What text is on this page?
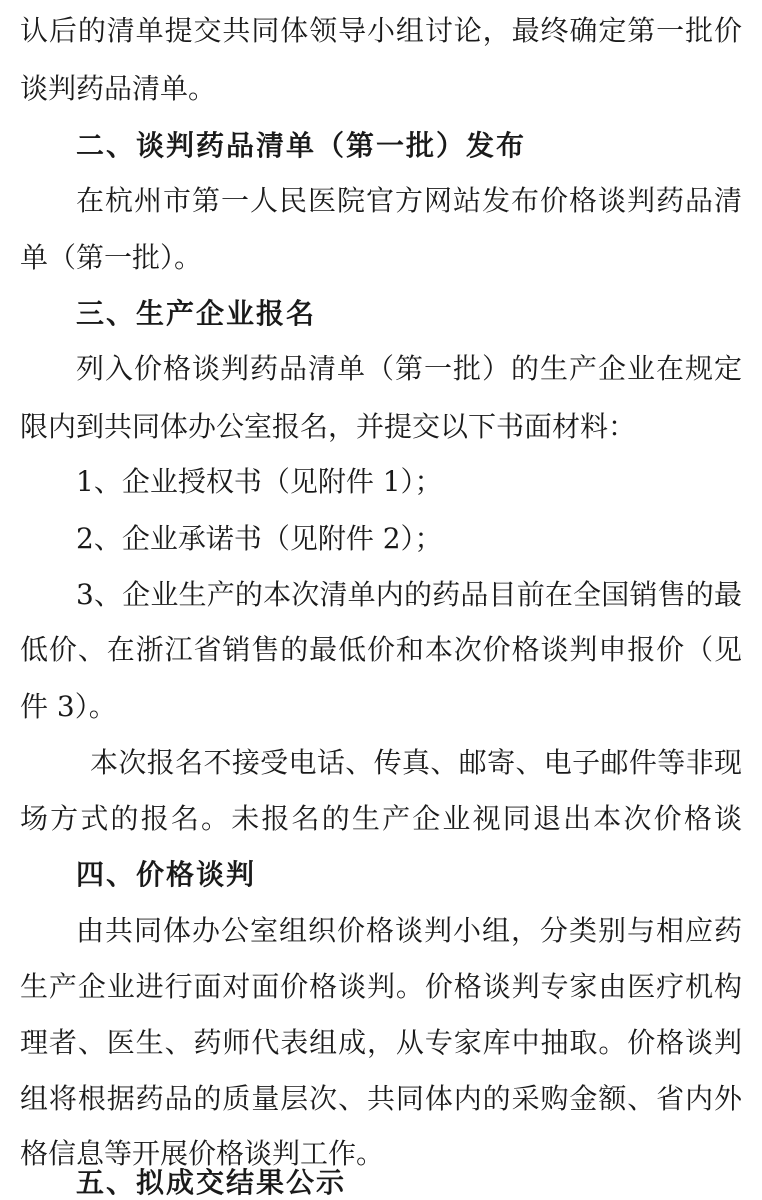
认后的清单提交共同体领导小组讨论，最终确定第一批价
谈判药品清单。
二、谈判药品清单（第一批）发布
在杭州市第一人民医院官方网站发布价格谈判药品清
单（第一批）。
三、生产企业报名
列入价格谈判药品清单（第一批）的生产企业在规定
限内到共同体办公室报名，并提交以下书面材料：
1、企业授权书（见附件 1）；
2、企业承诺书（见附件 2）；
3、企业生产的本次清单内的药品目前在全国销售的最
低价、在浙江省销售的最低价和本次价格谈判申报价（见
件 3）。
本次报名不接受电话、传真、邮寄、电子邮件等非现
场方式的报名。未报名的生产企业视同退出本次价格谈
四、价格谈判
由共同体办公室组织价格谈判小组，分类别与相应药
生产企业进行面对面价格谈判。价格谈判专家由医疗机构
理者、医生、药师代表组成，从专家库中抽取。价格谈判
组将根据药品的质量层次、共同体内的采购金额、省内外
格信息等开展价格谈判工作。
五、拟成交结果公示
